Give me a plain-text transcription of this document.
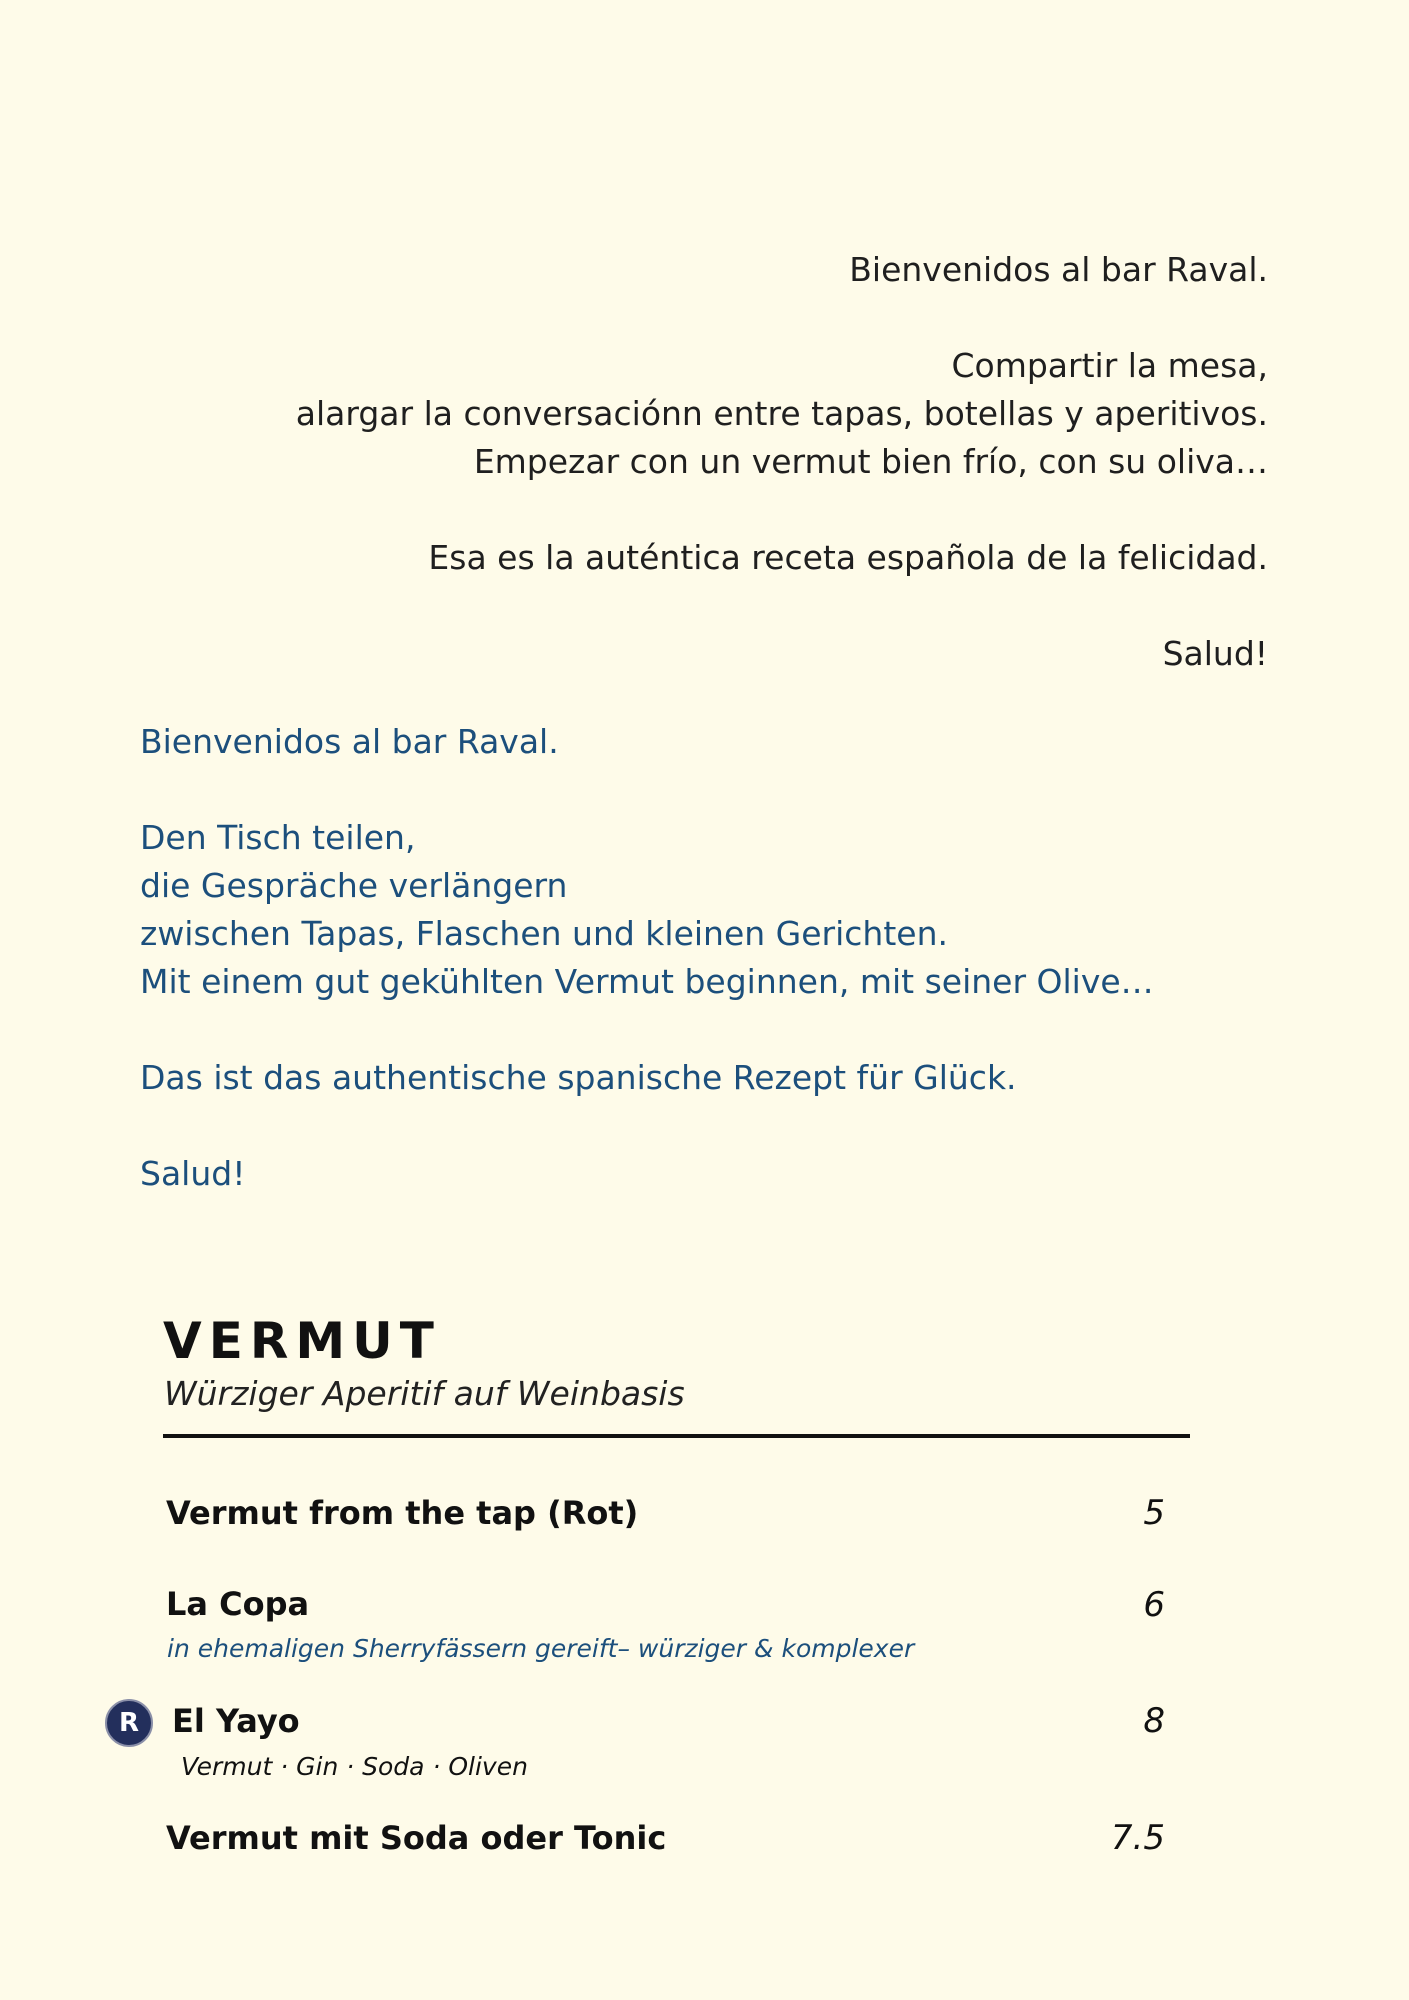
Bienvenidos al bar Raval.

Compartir la mesa,

alargar la conversaciónn entre tapas, botellas y aperitivos.

Empezar con un vermut bien frío, con su oliva…

Esa es la auténtica receta española de la felicidad.

Salud!

Bienvenidos al bar Raval.

Den Tisch teilen,

die Gespräche verlängern

zwischen Tapas, Flaschen und kleinen Gerichten.

Mit einem gut gekühlten Vermut beginnen, mit seiner Olive…

Das ist das authentische spanische Rezept für Glück.

Salud!

VERMUT
Würziger Aperitif auf Weinbasis
Vermut from the tap (Rot)	5
La Copa	6
in ehemaligen Sherryfässern gereift– würziger & komplexer
R El Yayo	8
Vermut · Gin · Soda · Oliven
Vermut mit Soda oder Tonic	7.5
